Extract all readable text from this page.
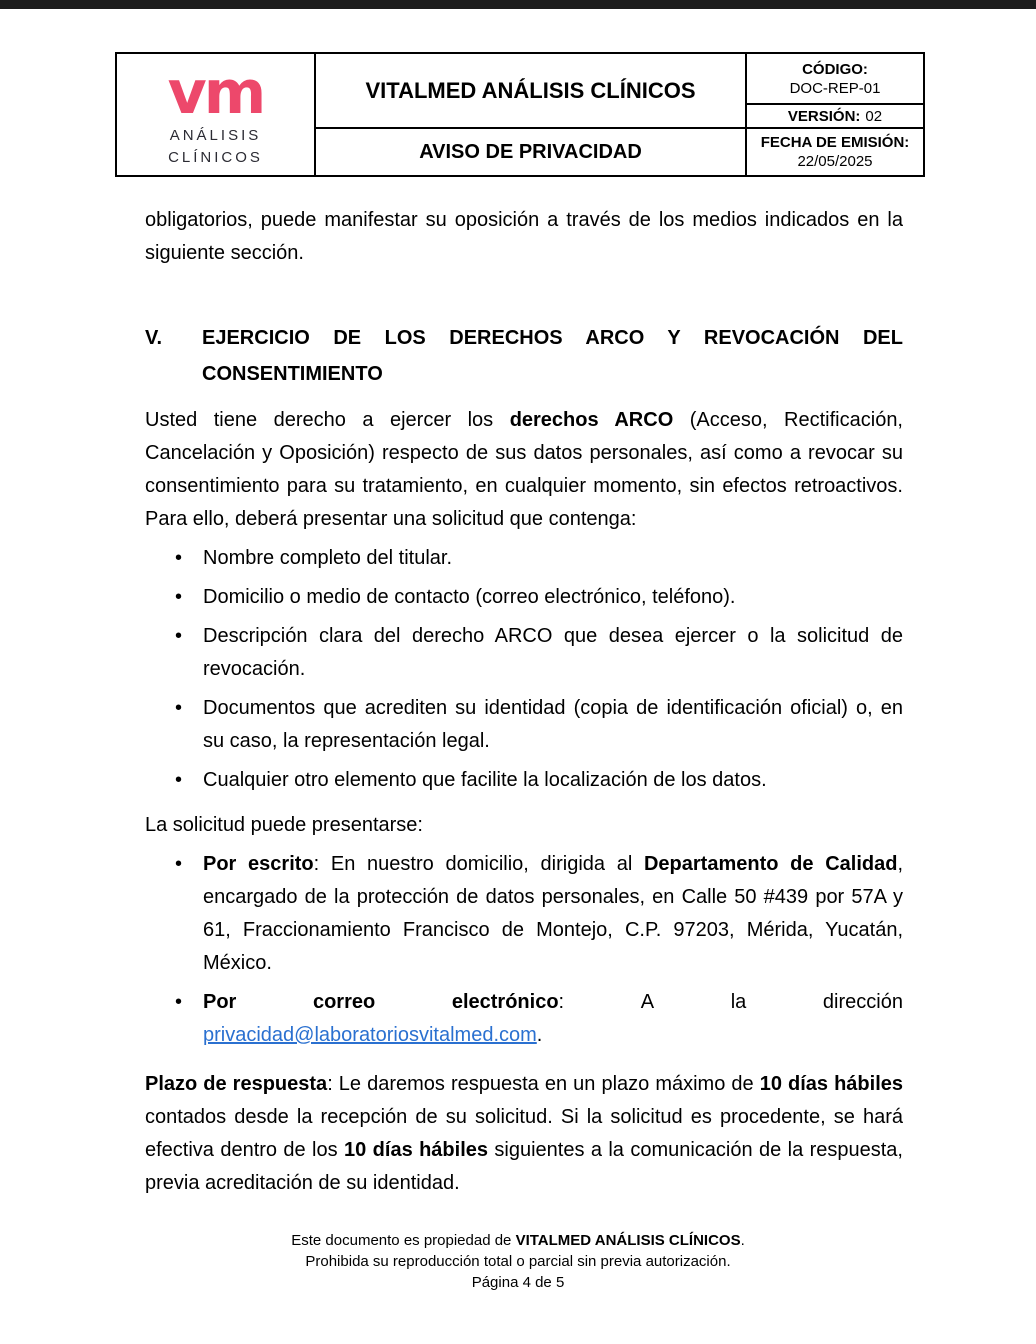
vm
ANÁLISIS
CLÍNICOS
VITALMED ANÁLISIS CLÍNICOS
AVISO DE PRIVACIDAD
CÓDIGO:
DOC-REP-01
VERSIÓN: 02
FECHA DE EMISIÓN:
22/05/2025

obligatorios, puede manifestar su oposición a través de los medios indicados en la siguiente sección.

V.	EJERCICIO DE LOS DERECHOS ARCO Y REVOCACIÓN DEL CONSENTIMIENTO

Usted tiene derecho a ejercer los derechos ARCO (Acceso, Rectificación, Cancelación y Oposición) respecto de sus datos personales, así como a revocar su consentimiento para su tratamiento, en cualquier momento, sin efectos retroactivos. Para ello, deberá presentar una solicitud que contenga:

• Nombre completo del titular.
• Domicilio o medio de contacto (correo electrónico, teléfono).
• Descripción clara del derecho ARCO que desea ejercer o la solicitud de revocación.
• Documentos que acrediten su identidad (copia de identificación oficial) o, en su caso, la representación legal.
• Cualquier otro elemento que facilite la localización de los datos.

La solicitud puede presentarse:

• Por escrito: En nuestro domicilio, dirigida al Departamento de Calidad, encargado de la protección de datos personales, en Calle 50 #439 por 57A y 61, Fraccionamiento Francisco de Montejo, C.P. 97203, Mérida, Yucatán, México.
• Por	correo	electrónico:	A	la	dirección
privacidad@laboratoriosvitalmed.com.

Plazo de respuesta: Le daremos respuesta en un plazo máximo de 10 días hábiles contados desde la recepción de su solicitud. Si la solicitud es procedente, se hará efectiva dentro de los 10 días hábiles siguientes a la comunicación de la respuesta, previa acreditación de su identidad.

Este documento es propiedad de VITALMED ANÁLISIS CLÍNICOS.
Prohibida su reproducción total o parcial sin previa autorización.
Página 4 de 5
